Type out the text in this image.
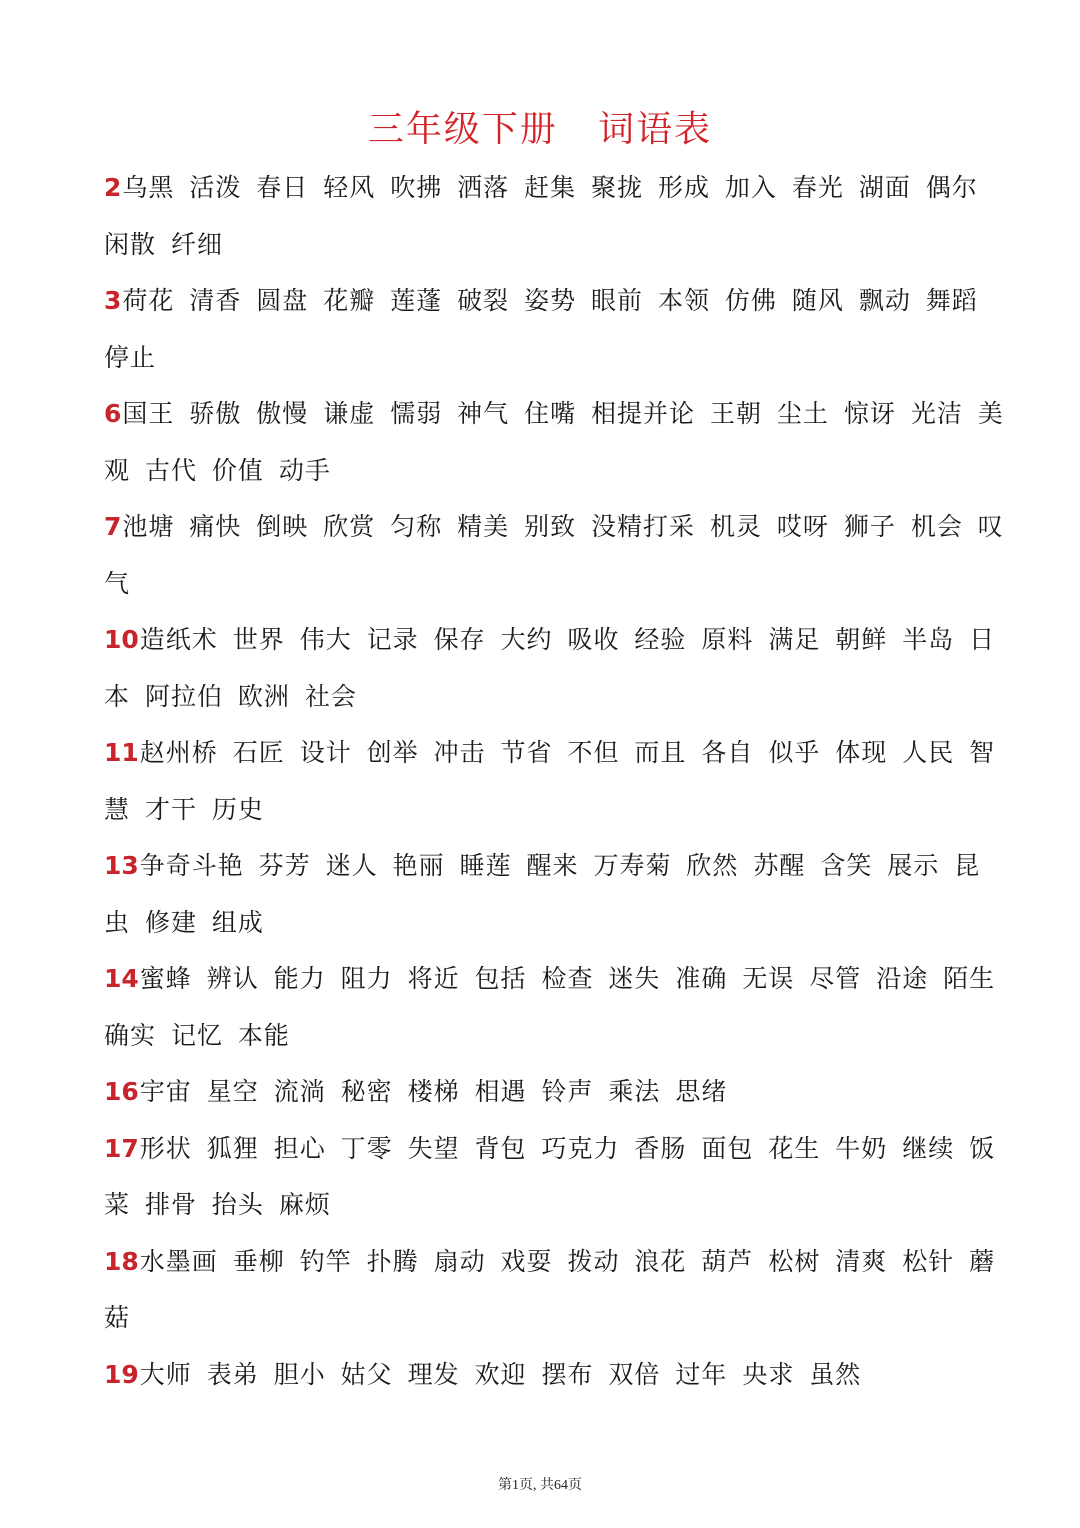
三年级下册   词语表
2乌黑 活泼 春日 轻风 吹拂 洒落 赶集 聚拢 形成 加入 春光 湖面 偶尔 闲散 纤细
3荷花 清香 圆盘 花瓣 莲蓬 破裂 姿势 眼前 本领 仿佛 随风 飘动 舞蹈 停止
6国王 骄傲 傲慢 谦虚 懦弱 神气 住嘴 相提并论 王朝 尘土 惊讶 光洁 美观 古代 价值 动手
7池塘 痛快 倒映 欣赏 匀称 精美 别致 没精打采 机灵 哎呀 狮子 机会 叹气
10造纸术 世界 伟大 记录 保存 大约 吸收 经验 原料 满足 朝鲜 半岛 日本 阿拉伯 欧洲 社会
11赵州桥 石匠 设计 创举 冲击 节省 不但 而且 各自 似乎 体现 人民 智慧 才干 历史
13争奇斗艳 芬芳 迷人 艳丽 睡莲 醒来 万寿菊 欣然 苏醒 含笑 展示 昆虫 修建 组成
14蜜蜂 辨认 能力 阻力 将近 包括 检查 迷失 准确 无误 尽管 沿途 陌生 确实 记忆 本能
16宇宙 星空 流淌 秘密 楼梯 相遇 铃声 乘法 思绪
17形状 狐狸 担心 丁零 失望 背包 巧克力 香肠 面包 花生 牛奶 继续 饭菜 排骨 抬头 麻烦
18水墨画 垂柳 钓竿 扑腾 扇动 戏耍 拨动 浪花 葫芦 松树 清爽 松针 蘑菇
19大师 表弟 胆小 姑父 理发 欢迎 摆布 双倍 过年 央求 虽然
第1页, 共64页
